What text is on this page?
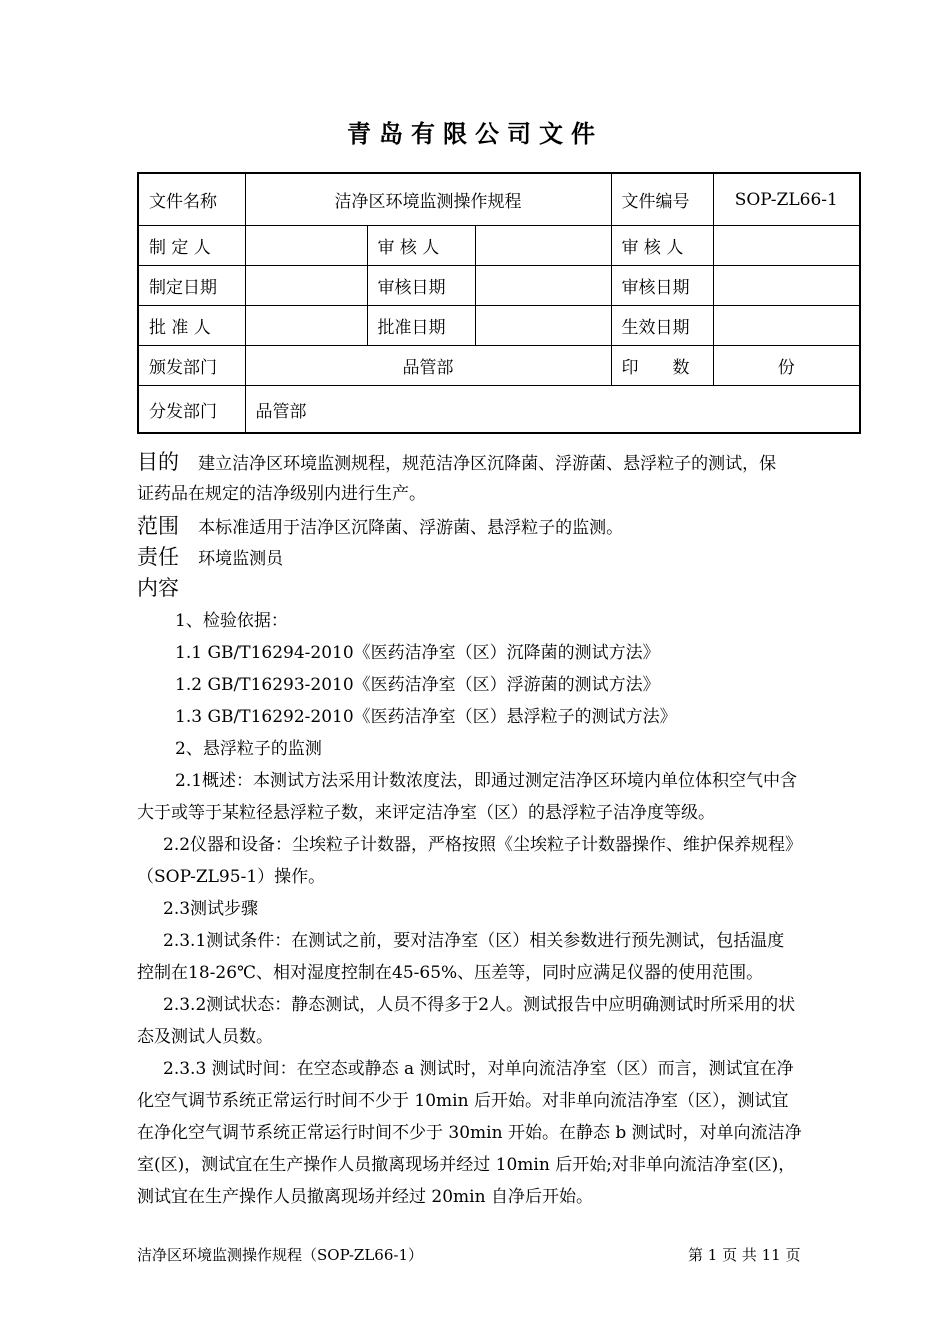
青岛有限公司文件
文件名称	洁净区环境监测操作规程			文件编号	SOP-ZL66-1
制 定 人		审 核 人		审 核 人	
制定日期		审核日期		审核日期	
批 准 人		批准日期		生效日期	
颁发部门	品管部			印　　数	份
分发部门	品管部				
目的 建立洁净区环境监测规程，规范洁净区沉降菌、浮游菌、悬浮粒子的测试，保
证药品在规定的洁净级别内进行生产。
范围 本标准适用于洁净区沉降菌、浮游菌、悬浮粒子的监测。
责任 环境监测员
内容
1、检验依据：
1.1 GB/T16294-2010《医药洁净室（区）沉降菌的测试方法》
1.2 GB/T16293-2010《医药洁净室（区）浮游菌的测试方法》
1.3 GB/T16292-2010《医药洁净室（区）悬浮粒子的测试方法》
2、悬浮粒子的监测
2.1概述：本测试方法采用计数浓度法，即通过测定洁净区环境内单位体积空气中含
大于或等于某粒径悬浮粒子数，来评定洁净室（区）的悬浮粒子洁净度等级。
2.2仪器和设备：尘埃粒子计数器，严格按照《尘埃粒子计数器操作、维护保养规程》
（SOP-ZL95-1）操作。
2.3测试步骤
2.3.1测试条件：在测试之前，要对洁净室（区）相关参数进行预先测试，包括温度
控制在18-26℃、相对湿度控制在45-65%、压差等，同时应满足仪器的使用范围。
2.3.2测试状态：静态测试，人员不得多于2人。测试报告中应明确测试时所采用的状
态及测试人员数。
2.3.3 测试时间：在空态或静态 a 测试时，对单向流洁净室（区）而言，测试宜在净
化空气调节系统正常运行时间不少于 10min 后开始。对非单向流洁净室（区），测试宜
在净化空气调节系统正常运行时间不少于 30min 开始。在静态 b 测试时，对单向流洁净
室(区)，测试宜在生产操作人员撤离现场并经过 10min 后开始;对非单向流洁净室(区)，
测试宜在生产操作人员撤离现场并经过 20min 自净后开始。
洁净区环境监测操作规程（SOP-ZL66-1）	第 1 页 共 11 页
